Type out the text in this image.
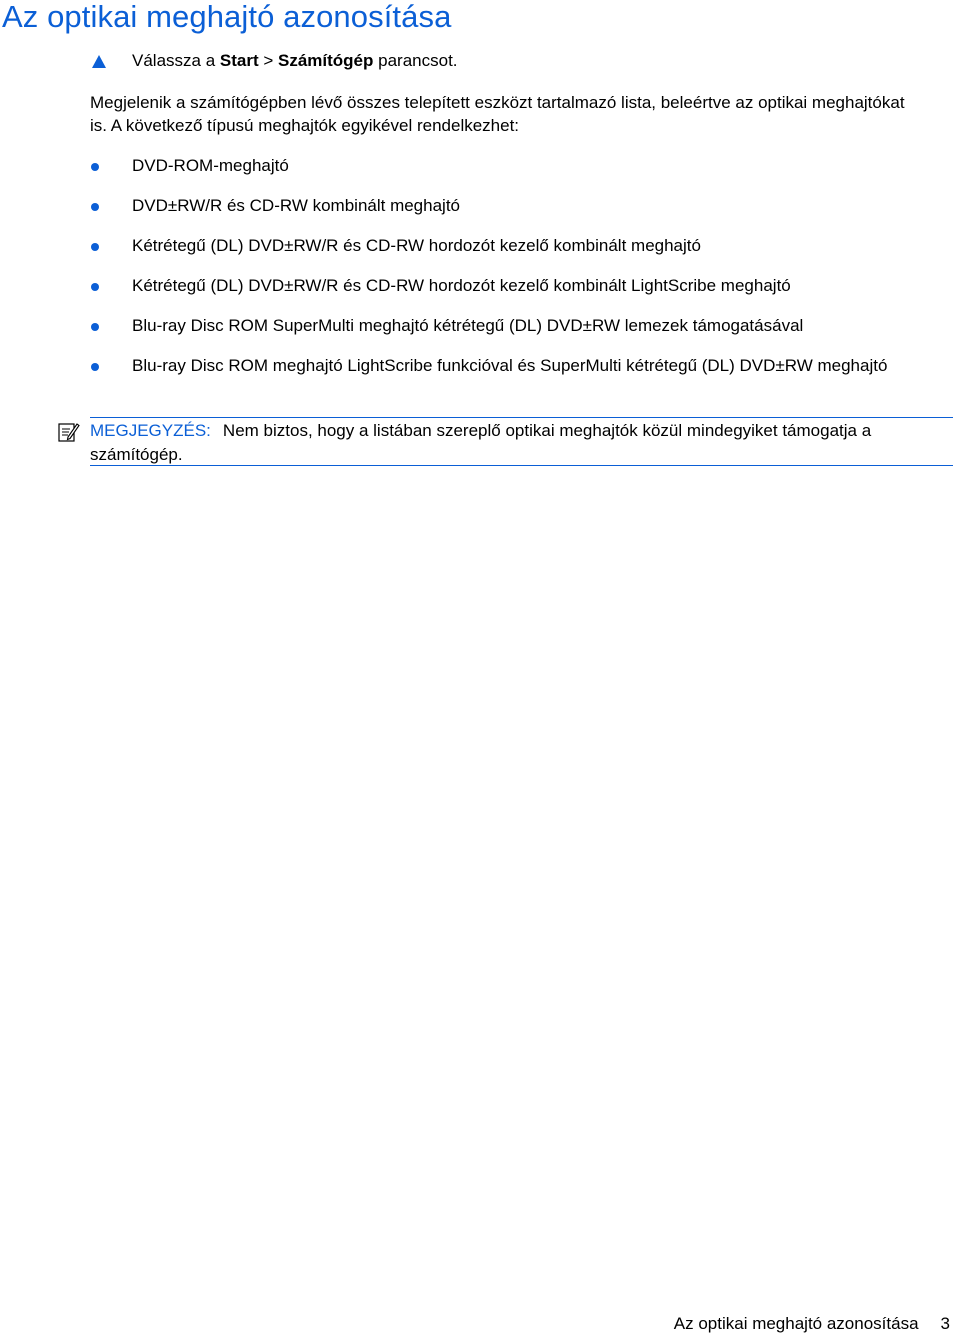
Az optikai meghajtó azonosítása
Válassza a Start > Számítógép parancsot.

Megjelenik a számítógépben lévő összes telepített eszközt tartalmazó lista, beleértve az optikai meghajtókat is. A következő típusú meghajtók egyikével rendelkezhet:

DVD-ROM-meghajtó
DVD±RW/R és CD-RW kombinált meghajtó
Kétrétegű (DL) DVD±RW/R és CD-RW hordozót kezelő kombinált meghajtó
Kétrétegű (DL) DVD±RW/R és CD-RW hordozót kezelő kombinált LightScribe meghajtó
Blu-ray Disc ROM SuperMulti meghajtó kétrétegű (DL) DVD±RW lemezek támogatásával
Blu-ray Disc ROM meghajtó LightScribe funkcióval és SuperMulti kétrétegű (DL) DVD±RW meghajtó
MEGJEGYZÉS: Nem biztos, hogy a listában szereplő optikai meghajtók közül mindegyiket támogatja a számítógép.
Az optikai meghajtó azonosítása 3
